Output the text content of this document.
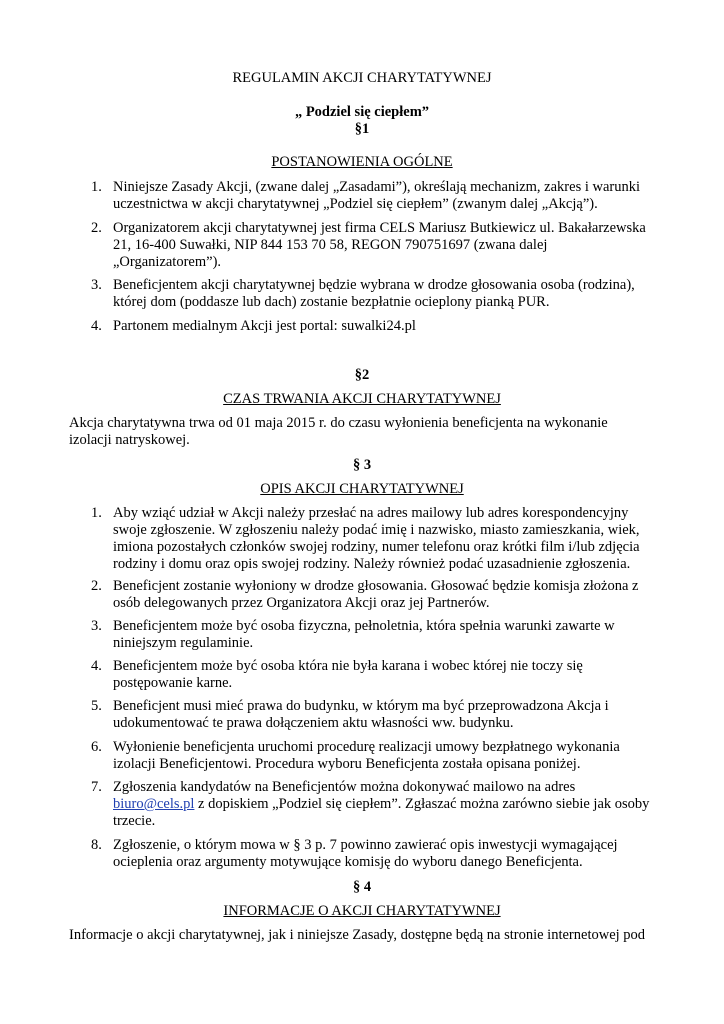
REGULAMIN AKCJI CHARYTATYWNEJ
„ Podziel się ciepłem”
§1
POSTANOWIENIA OGÓLNE
1. Niniejsze Zasady Akcji, (zwane dalej „Zasadami”), określają mechanizm, zakres i warunki
uczestnictwa w akcji charytatywnej „Podziel się ciepłem” (zwanym dalej „Akcją”).
2. Organizatorem akcji charytatywnej jest firma CELS Mariusz Butkiewicz ul. Bakałarzewska
21, 16-400 Suwałki, NIP 844 153 70 58, REGON 790751697 (zwana dalej
„Organizatorem”).
3. Beneficjentem akcji charytatywnej będzie wybrana w drodze głosowania osoba (rodzina),
której dom (poddasze lub dach) zostanie bezpłatnie ocieplony pianką PUR.
4. Partonem medialnym Akcji jest portal: suwalki24.pl
§2
CZAS TRWANIA AKCJI CHARYTATYWNEJ
Akcja charytatywna trwa od 01 maja 2015 r. do czasu wyłonienia beneficjenta na wykonanie
izolacji natryskowej.
§ 3
OPIS AKCJI CHARYTATYWNEJ
1. Aby wziąć udział w Akcji należy przesłać na adres mailowy lub adres korespondencyjny
swoje zgłoszenie. W zgłoszeniu należy podać imię i nazwisko, miasto zamieszkania, wiek,
imiona pozostałych członków swojej rodziny, numer telefonu oraz krótki film i/lub zdjęcia
rodziny i domu oraz opis swojej rodziny. Należy również podać uzasadnienie zgłoszenia.
2. Beneficjent zostanie wyłoniony w drodze głosowania. Głosować będzie komisja złożona z
osób delegowanych przez Organizatora Akcji oraz jej Partnerów.
3. Beneficjentem może być osoba fizyczna, pełnoletnia, która spełnia warunki zawarte w
niniejszym regulaminie.
4. Beneficjentem może być osoba która nie była karana i wobec której nie toczy się
postępowanie karne.
5. Beneficjent musi mieć prawa do budynku, w którym ma być przeprowadzona Akcja i
udokumentować te prawa dołączeniem aktu własności ww. budynku.
6. Wyłonienie beneficjenta uruchomi procedurę realizacji umowy bezpłatnego wykonania
izolacji Beneficjentowi. Procedura wyboru Beneficjenta została opisana poniżej.
7. Zgłoszenia kandydatów na Beneficjentów można dokonywać mailowo na adres
biuro@cels.pl z dopiskiem „Podziel się ciepłem”. Zgłaszać można zarówno siebie jak osoby
trzecie.
8. Zgłoszenie, o którym mowa w § 3 p. 7 powinno zawierać opis inwestycji wymagającej
ocieplenia oraz argumenty motywujące komisję do wyboru danego Beneficjenta.
§ 4
INFORMACJE O AKCJI CHARYTATYWNEJ
Informacje o akcji charytatywnej, jak i niniejsze Zasady, dostępne będą na stronie internetowej pod
